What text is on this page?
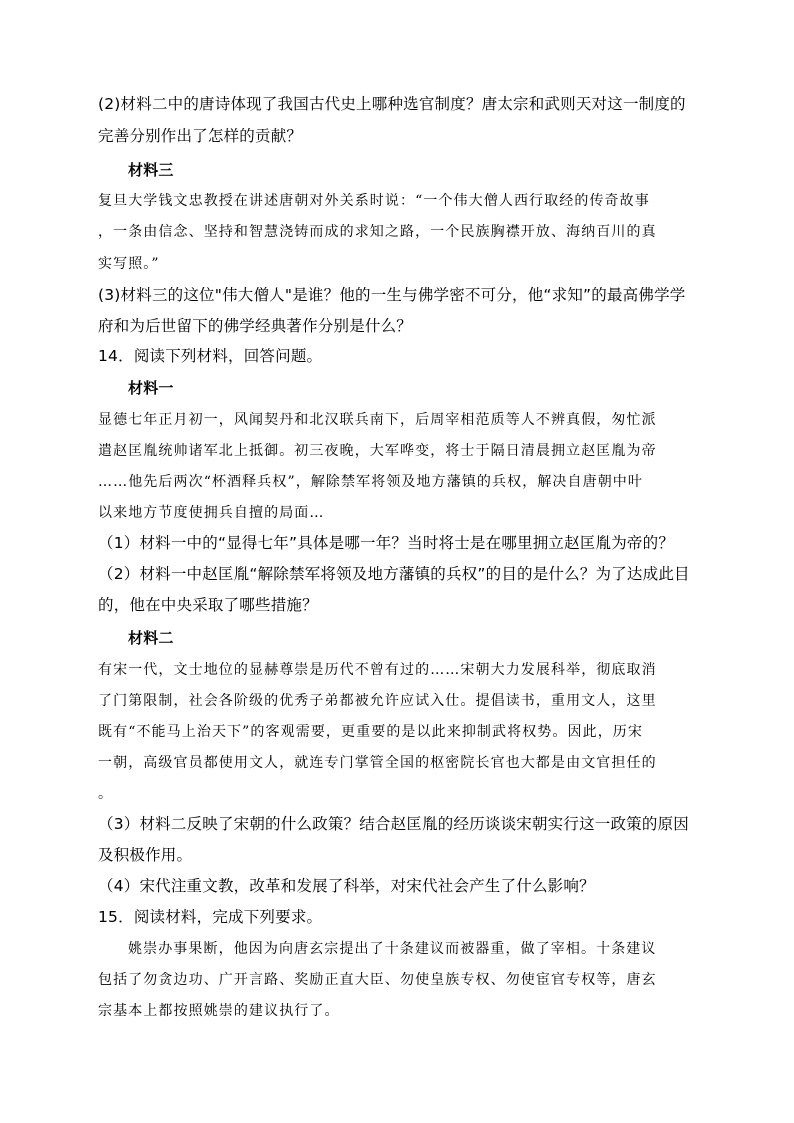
(2)材料二中的唐诗体现了我国古代史上哪种选官制度？唐太宗和武则天对这一制度的
完善分别作出了怎样的贡献？
材料三
复旦大学钱文忠教授在讲述唐朝对外关系时说：“一个伟大僧人西行取经的传奇故事
，一条由信念、坚持和智慧浇铸而成的求知之路，一个民族胸襟开放、海纳百川的真
实写照。”
(3)材料三的这位"伟大僧人"是谁？他的一生与佛学密不可分，他“求知”的最高佛学学
府和为后世留下的佛学经典著作分别是什么？
14．阅读下列材料，回答问题。
材料一
显德七年正月初一，风闻契丹和北汉联兵南下，后周宰相范质等人不辨真假，匆忙派
遣赵匡胤统帅诸军北上抵御。初三夜晚，大军哗变，将士于隔日清晨拥立赵匡胤为帝
……他先后两次“杯酒释兵权”，解除禁军将领及地方藩镇的兵权，解决自唐朝中叶
以来地方节度使拥兵自擅的局面…
（1）材料一中的“显得七年”具体是哪一年？当时将士是在哪里拥立赵匡胤为帝的？
（2）材料一中赵匡胤“解除禁军将领及地方藩镇的兵权”的目的是什么？为了达成此目
的，他在中央采取了哪些措施？
材料二
有宋一代，文士地位的显赫尊崇是历代不曾有过的……宋朝大力发展科举，彻底取消
了门第限制，社会各阶级的优秀子弟都被允许应试入仕。提倡读书，重用文人，这里
既有“不能马上治天下”的客观需要，更重要的是以此来抑制武将权势。因此，历宋
一朝，高级官员都使用文人，就连专门掌管全国的枢密院长官也大都是由文官担任的
。
（3）材料二反映了宋朝的什么政策？结合赵匡胤的经历谈谈宋朝实行这一政策的原因
及积极作用。
（4）宋代注重文教，改革和发展了科举，对宋代社会产生了什么影响？
15．阅读材料，完成下列要求。
姚崇办事果断，他因为向唐玄宗提出了十条建议而被器重，做了宰相。十条建议
包括了勿贪边功、广开言路、奖励正直大臣、勿使皇族专权、勿使宦官专权等，唐玄
宗基本上都按照姚崇的建议执行了。
